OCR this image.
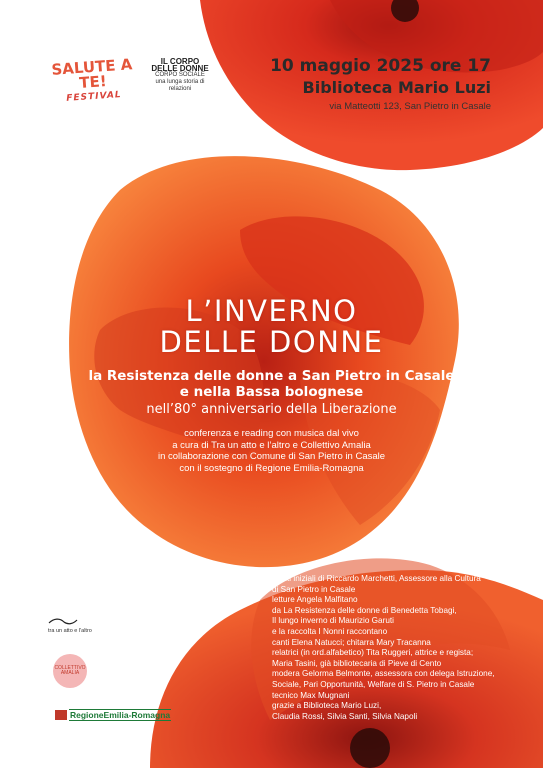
SALUTE A TE!
FESTIVAL
IL CORPO
DELLE DONNE
CORPO SOCIALE
una lunga storia di relazioni
10 maggio 2025 ore 17
Biblioteca Mario Luzi
via Matteotti 123, San Pietro in Casale
L’INVERNO
DELLE DONNE
la Resistenza delle donne a San Pietro in Casale
e nella Bassa bolognese
nell’80° anniversario della Liberazione
conferenza e reading con musica dal vivo
a cura di Tra un atto e l’altro e Collettivo Amalia
in collaborazione con Comune di San Pietro in Casale
con il sostegno di Regione Emilia-Romagna
saluti iniziali di Riccardo Marchetti, Assessore alla Cultura
di San Pietro in Casale
letture Angela Malfitano
da La Resistenza delle donne di Benedetta Tobagi,
Il lungo inverno di Maurizio Garuti
e la raccolta I Nonni raccontano
canti Elena Natucci; chitarra Mary Tracanna
relatrici (in ord.alfabetico) Tita Ruggeri, attrice e regista;
Maria Tasini, già bibliotecaria di Pieve di Cento
modera Gelorma Belmonte, assessora con delega Istruzione,
Sociale, Pari Opportunità, Welfare di S. Pietro in Casale
tecnico Max Mugnani
grazie a Biblioteca Mario Luzi,
Claudia Rossi, Silvia Santi, Silvia Napoli
tra un atto e l'altro
COLLETTIVO
AMALIA
RegioneEmilia-Romagna
